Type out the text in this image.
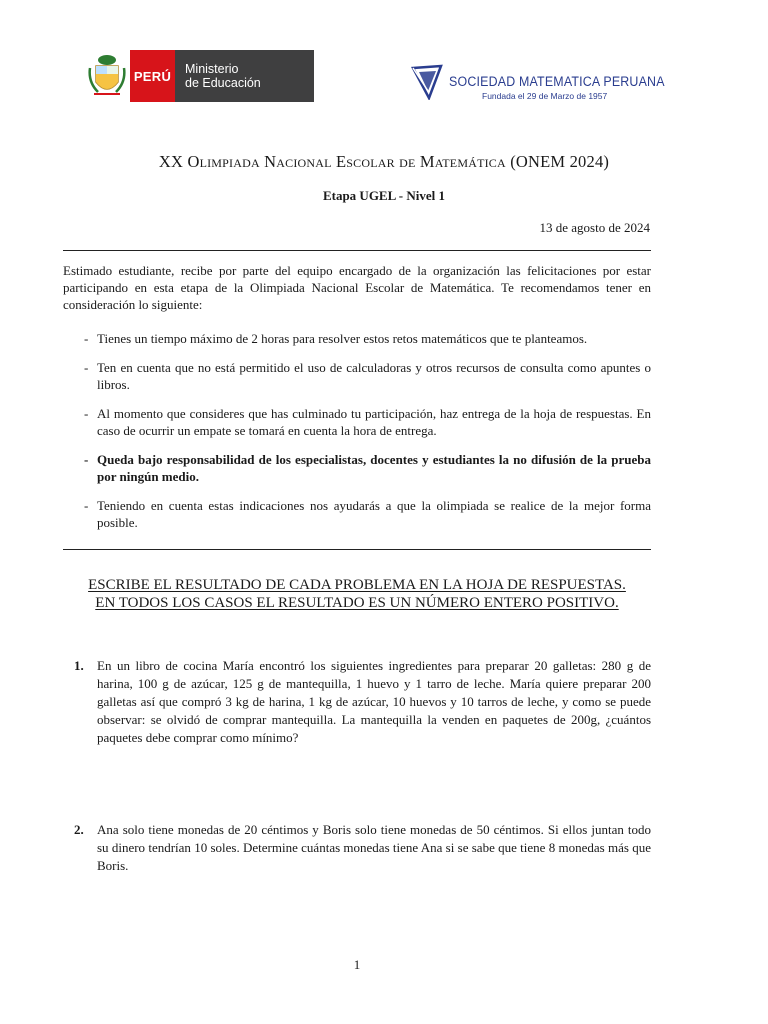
PERÚ	Ministerio
de Educación	SOCIEDAD MATEMATICA PERUANA
Fundada el 29 de Marzo de 1957
XX Olimpiada Nacional Escolar de Matemática (ONEM 2024)
Etapa UGEL - Nivel 1
13 de agosto de 2024
Estimado estudiante, recibe por parte del equipo encargado de la organización las felicitaciones por estar participando en esta etapa de la Olimpiada Nacional Escolar de Matemática. Te recomendamos tener en consideración lo siguiente:
- Tienes un tiempo máximo de 2 horas para resolver estos retos matemáticos que te planteamos.
- Ten en cuenta que no está permitido el uso de calculadoras y otros recursos de consulta como apuntes o libros.
- Al momento que consideres que has culminado tu participación, haz entrega de la hoja de respuestas. En caso de ocurrir un empate se tomará en cuenta la hora de entrega.
- Queda bajo responsabilidad de los especialistas, docentes y estudiantes la no difusión de la prueba por ningún medio.
- Teniendo en cuenta estas indicaciones nos ayudarás a que la olimpiada se realice de la mejor forma posible.
ESCRIBE EL RESULTADO DE CADA PROBLEMA EN LA HOJA DE RESPUESTAS.
EN TODOS LOS CASOS EL RESULTADO ES UN NÚMERO ENTERO POSITIVO.
1. En un libro de cocina María encontró los siguientes ingredientes para preparar 20 galletas: 280 g de harina, 100 g de azúcar, 125 g de mantequilla, 1 huevo y 1 tarro de leche. María quiere preparar 200 galletas así que compró 3 kg de harina, 1 kg de azúcar, 10 huevos y 10 tarros de leche, y como se puede observar: se olvidó de comprar mantequilla. La mantequilla la venden en paquetes de 200g, ¿cuántos paquetes debe comprar como mínimo?
2. Ana solo tiene monedas de 20 céntimos y Boris solo tiene monedas de 50 céntimos. Si ellos juntan todo su dinero tendrían 10 soles. Determine cuántas monedas tiene Ana si se sabe que tiene 8 monedas más que Boris.
1
